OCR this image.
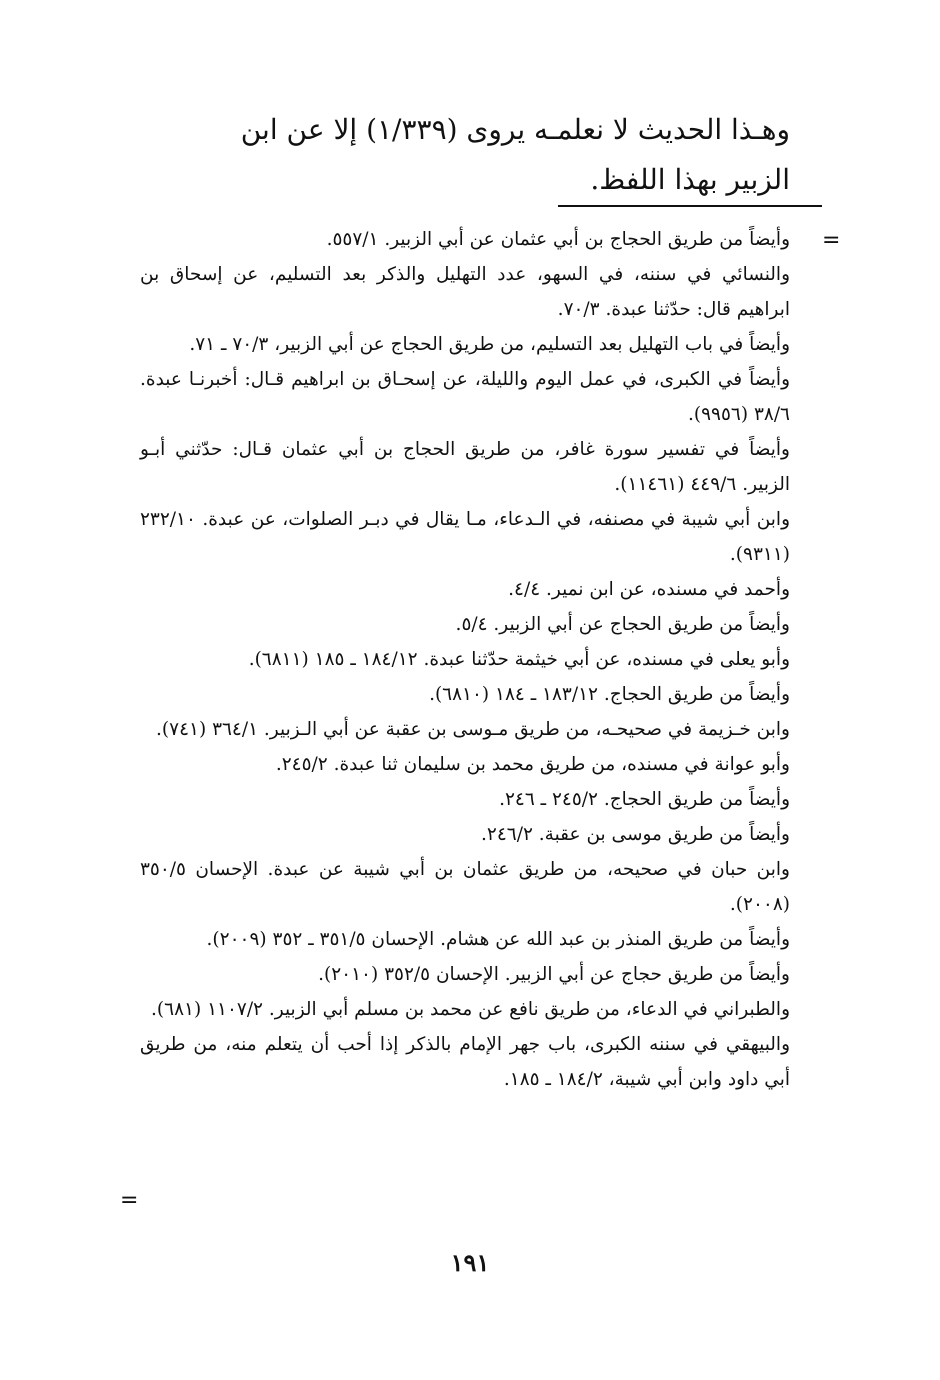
وهـذا الحديث لا نعلمـه يروى (١/٣٣٩) إلا عن ابن

الزبير بهذا اللفظ.

=

وأيضاً من طريق الحجاج بن أبي عثمان عن أبي الزبير. ٥٥٧/١.

والنسائي في سننه، في السهو، عدد التهليل والذكر بعد التسليم، عن إسحاق بن ابراهيم قال: حدّثنا عبدة. ٧٠/٣.

وأيضاً في باب التهليل بعد التسليم، من طريق الحجاج عن أبي الزبير، ٧٠/٣ ـ ٧١.

وأيضاً في الكبرى، في عمل اليوم والليلة، عن إسحـاق بن ابراهيم قـال: أخبرنـا عبدة. ٣٨/٦ (٩٩٥٦).

وأيضاً في تفسير سورة غافر، من طريق الحجاج بن أبي عثمان قـال: حدّثني أبـو الزبير. ٤٤٩/٦ (١١٤٦١).

وابن أبي شيبة في مصنفه، في الـدعاء، مـا يقال في دبـر الصلوات، عن عبدة. ٢٣٢/١٠ (٩٣١١).

وأحمد في مسنده، عن ابن نمير. ٤/٤.

وأيضاً من طريق الحجاج عن أبي الزبير. ٥/٤.

وأبو يعلى في مسنده، عن أبي خيثمة حدّثنا عبدة. ١٨٤/١٢ ـ ١٨٥ (٦٨١١).

وأيضاً من طريق الحجاج. ١٨٣/١٢ ـ ١٨٤ (٦٨١٠).

وابن خـزيمة في صحيحـه، من طريق مـوسى بن عقبة عن أبي الـزبير. ٣٦٤/١ (٧٤١).

وأبو عوانة في مسنده، من طريق محمد بن سليمان ثنا عبدة. ٢٤٥/٢.

وأيضاً من طريق الحجاج. ٢٤٥/٢ ـ ٢٤٦.

وأيضاً من طريق موسى بن عقبة. ٢٤٦/٢.

وابن حبان في صحيحه، من طريق عثمان بن أبي شيبة عن عبدة. الإحسان ٣٥٠/٥ (٢٠٠٨).

وأيضاً من طريق المنذر بن عبد الله عن هشام. الإحسان ٣٥١/٥ ـ ٣٥٢ (٢٠٠٩).

وأيضاً من طريق حجاج عن أبي الزبير. الإحسان ٣٥٢/٥ (٢٠١٠).

والطبراني في الدعاء، من طريق نافع عن محمد بن مسلم أبي الزبير. ١١٠٧/٢ (٦٨١).

والبيهقي في سننه الكبرى، باب جهر الإمام بالذكر إذا أحب أن يتعلم منه، من طريق أبي داود وابن أبي شيبة، ١٨٤/٢ ـ ١٨٥.

=
١٩١
